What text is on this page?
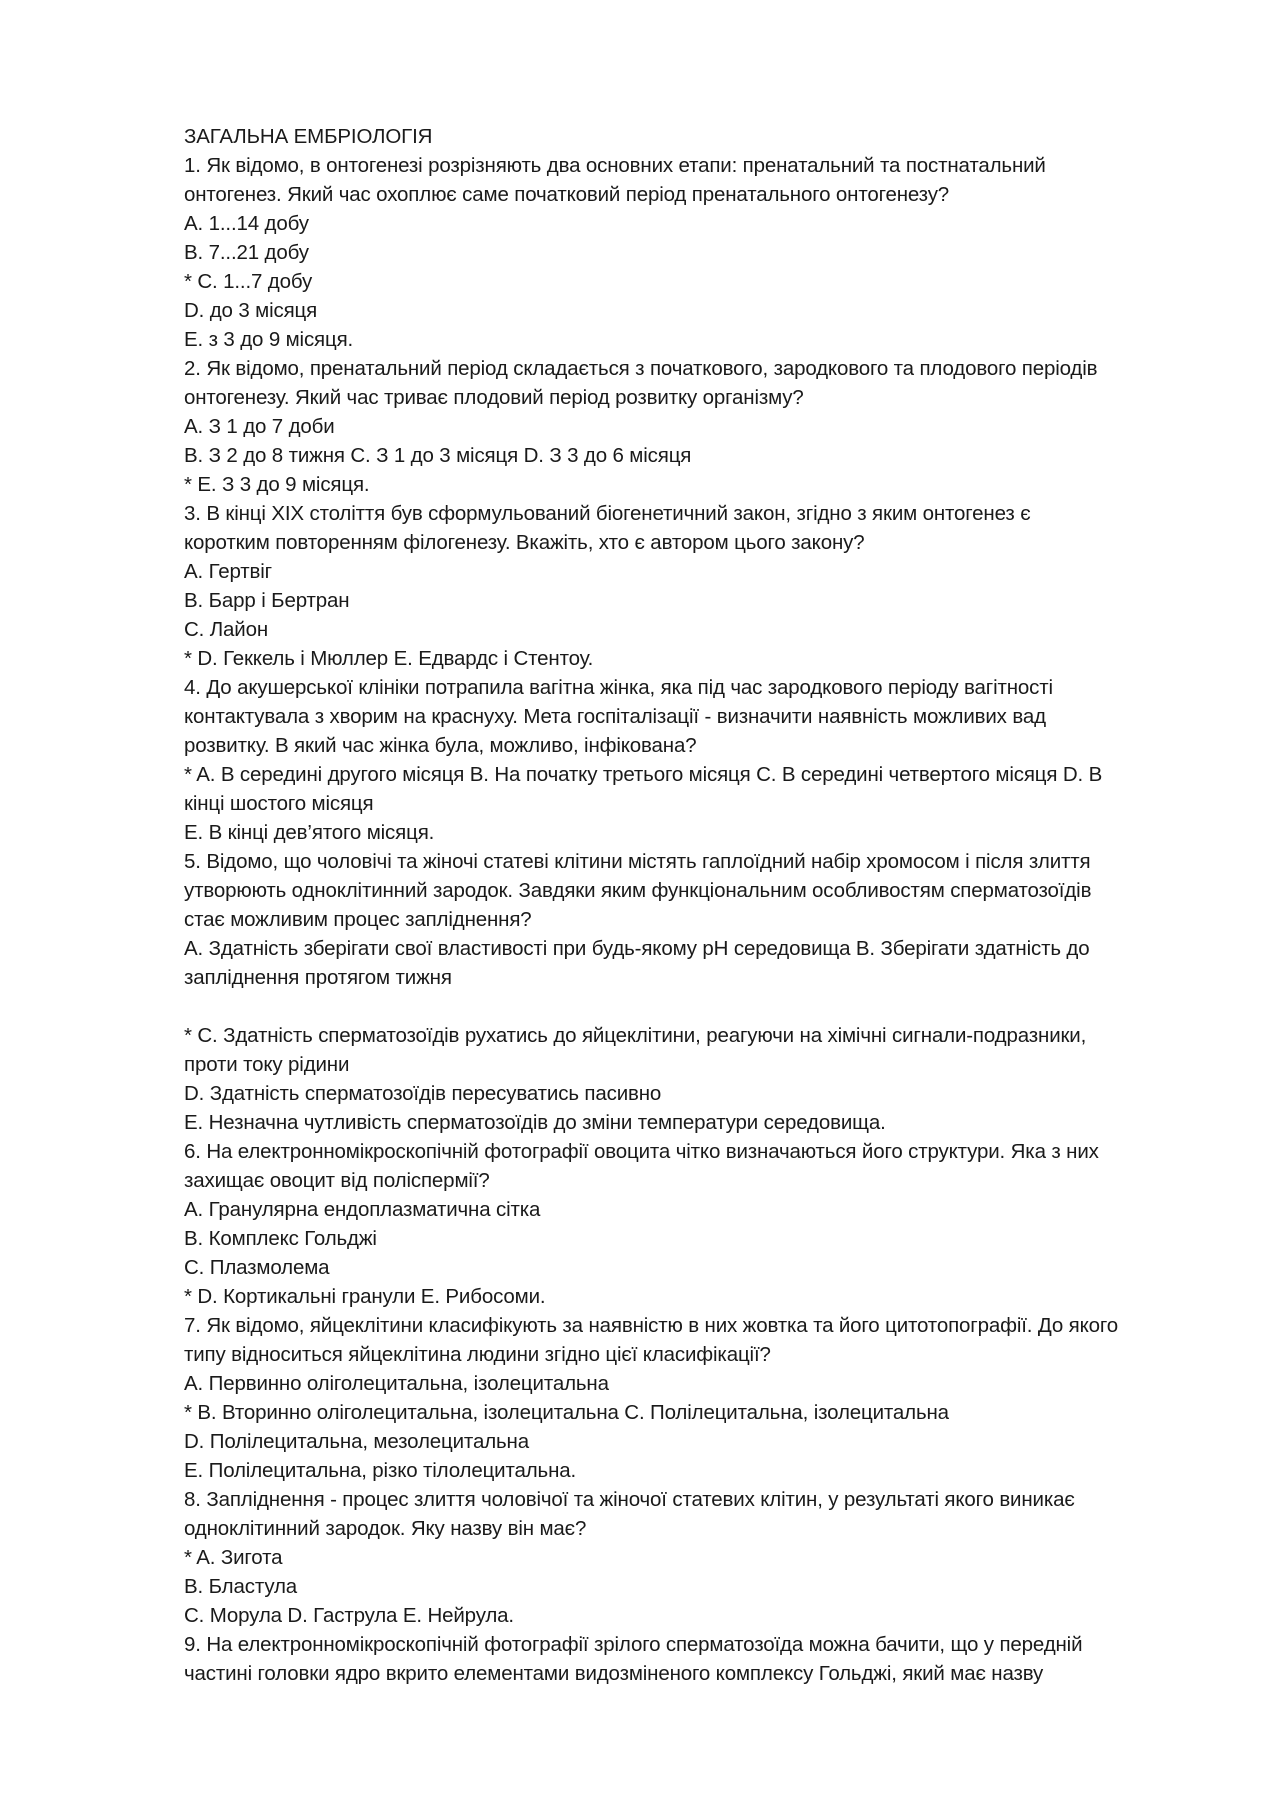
ЗАГАЛЬНА ЕМБРІОЛОГІЯ
1. Як відомо, в онтогенезі розрізняють два основних етапи: пренатальний та постнатальний
онтогенез. Який час охоплює саме початковий період пренатального онтогенезу?
A. 1...14 добу
B. 7...21 добу
* C. 1...7 добу
D. до 3 місяця
E. з 3 до 9 місяця.
2. Як відомо, пренатальний період складається з початкового, зародкового та плодового періодів
онтогенезу. Який час триває плодовий період розвитку організму?
A. З 1 до 7 доби
B. З 2 до 8 тижня C. З 1 до 3 місяця D. З 3 до 6 місяця
* E. З 3 до 9 місяця.
3. В кінці XIX століття був сформульований біогенетичний закон, згідно з яким онтогенез є
коротким повторенням філогенезу. Вкажіть, хто є автором цього закону?
A. Гертвіг
B. Барр і Бертран
C. Лайон
* D. Геккель і Мюллер E. Едвардс і Стентоу.
4. До акушерської клініки потрапила вагітна жінка, яка під час зародкового періоду вагітності
контактувала з хворим на краснуху. Мета госпіталізації - визначити наявність можливих вад
розвитку. В який час жінка була, можливо, інфікована?
* A. В середині другого місяця B. На початку третього місяця C. В середині четвертого місяця D. В
кінці шостого місяця
E. В кінці дев’ятого місяця.
5. Відомо, що чоловічі та жіночі статеві клітини містять гаплоїдний набір хромосом і після злиття
утворюють одноклітинний зародок. Завдяки яким функціональним особливостям сперматозоїдів
стає можливим процес запліднення?
A. Здатність зберігати свої властивості при будь-якому pH середовища B. Зберігати здатність до
запліднення протягом тижня
* C. Здатність сперматозоїдів рухатись до яйцеклітини, реагуючи на хімічні сигнали-подразники,
проти току рідини
D. Здатність сперматозоїдів пересуватись пасивно
E. Незначна чутливість сперматозоїдів до зміни температури середовища.
6. На електронномікроскопічній фотографії овоцита чітко визначаються його структури. Яка з них
захищає овоцит від поліспермії?
A. Гранулярна ендоплазматична сітка
B. Комплекс Гольджі
C. Плазмолема
* D. Кортикальні гранули E. Рибосоми.
7. Як відомо, яйцеклітини класифікують за наявністю в них жовтка та його цитотопографії. До якого
типу відноситься яйцеклітина людини згідно цієї класифікації?
A. Первинно оліголецитальна, ізолецитальна
* B. Вторинно оліголецитальна, ізолецитальна C. Полілецитальна, ізолецитальна
D. Полілецитальна, мезолецитальна
E. Полілецитальна, різко тілолецитальна.
8. Запліднення - процес злиття чоловічої та жіночої статевих клітин, у результаті якого виникає
одноклітинний зародок. Яку назву він має?
* A. Зигота
B. Бластула
C. Морула D. Гаструла E. Нейрула.
9. На електронномікроскопічній фотографії зрілого сперматозоїда можна бачити, що у передній
частині головки ядро вкрито елементами видозміненого комплексу Гольджі, який має назву
